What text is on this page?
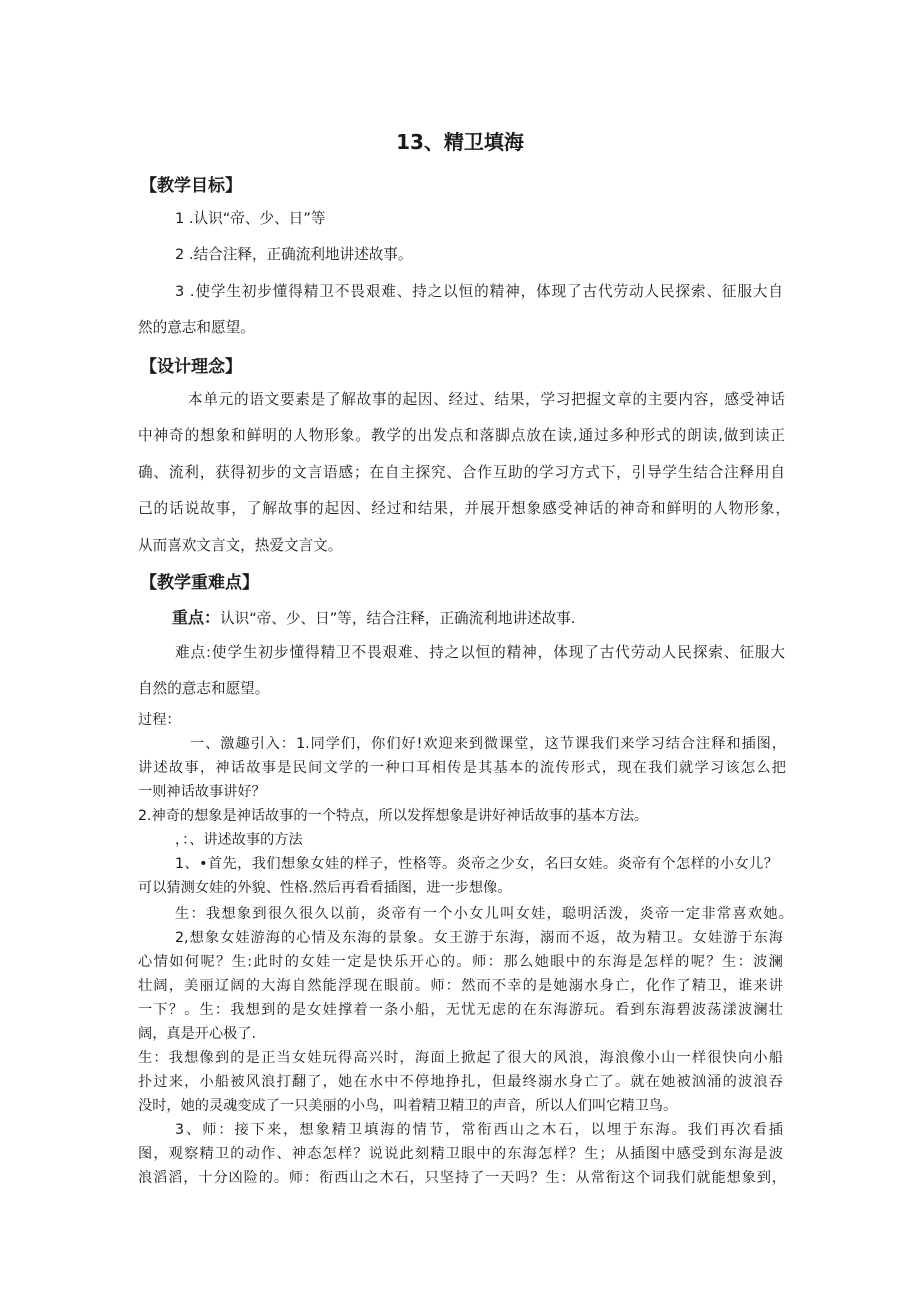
13、精卫填海
【教学目标】
1 .认识“帝、少、日”等
2 .结合注释，正确流利地讲述故事。
3 .使学生初步懂得精卫不畏艰难、持之以恒的精神，体现了古代劳动人民探索、征服大自
然的意志和愿望。
【设计理念】
本单元的语文要素是了解故事的起因、经过、结果，学习把握文章的主要内容，感受神话
中神奇的想象和鲜明的人物形象。教学的出发点和落脚点放在读,通过多种形式的朗读,做到读正
确、流利，获得初步的文言语感；在自主探究、合作互助的学习方式下，引导学生结合注释用自
己的话说故事，了解故事的起因、经过和结果，并展开想象感受神话的神奇和鲜明的人物形象，
从而喜欢文言文，热爱文言文。
【教学重难点】
重点：认识“帝、少、日”等，结合注释，正确流利地讲述故事.
难点:使学生初步懂得精卫不畏艰难、持之以恒的精神，体现了古代劳动人民探索、征服大
自然的意志和愿望。
过程：
一、激趣引入：1.同学们，你们好!欢迎来到微课堂，这节课我们来学习结合注释和插图，
讲述故事，神话故事是民间文学的一种口耳相传是其基本的流传形式，现在我们就学习该怎么把
一则神话故事讲好？
2.神奇的想象是神话故事的一个特点，所以发挥想象是讲好神话故事的基本方法。
，：、讲述故事的方法
1、•首先，我们想象女娃的样子，性格等。炎帝之少女，名曰女娃。炎帝有个怎样的小女儿？
可以猜测女娃的外貌、性格.然后再看看插图，进一步想像。
生：我想象到很久很久以前，炎帝有一个小女儿叫女娃，聪明活泼，炎帝一定非常喜欢她。
2,想象女娃游海的心情及东海的景象。女王游于东海，溺而不返，故为精卫。女娃游于东海
心情如何呢？生:此时的女娃一定是快乐开心的。师：那么她眼中的东海是怎样的呢？生：波澜
壮阔，美丽辽阔的大海自然能浮现在眼前。师：然而不幸的是她溺水身亡，化作了精卫，谁来讲
一下？。生：我想到的是女娃撑着一条小船，无忧无虑的在东海游玩。看到东海碧波荡漾波澜壮
阔，真是开心极了.
生：我想像到的是正当女娃玩得高兴时，海面上掀起了很大的风浪，海浪像小山一样很快向小船
扑过来，小船被风浪打翻了，她在水中不停地挣扎，但最终溺水身亡了。就在她被汹涌的波浪吞
没时，她的灵魂变成了一只美丽的小鸟，叫着精卫精卫的声音，所以人们叫它精卫鸟。
3、师：接下来，想象精卫填海的情节，常衔西山之木石，以埋于东海。我们再次看插
图，观察精卫的动作、神态怎样？说说此刻精卫眼中的东海怎样？生；从插图中感受到东海是波
浪滔滔，十分凶险的。师：衔西山之木石，只坚持了一天吗？生：从常衔这个词我们就能想象到，
